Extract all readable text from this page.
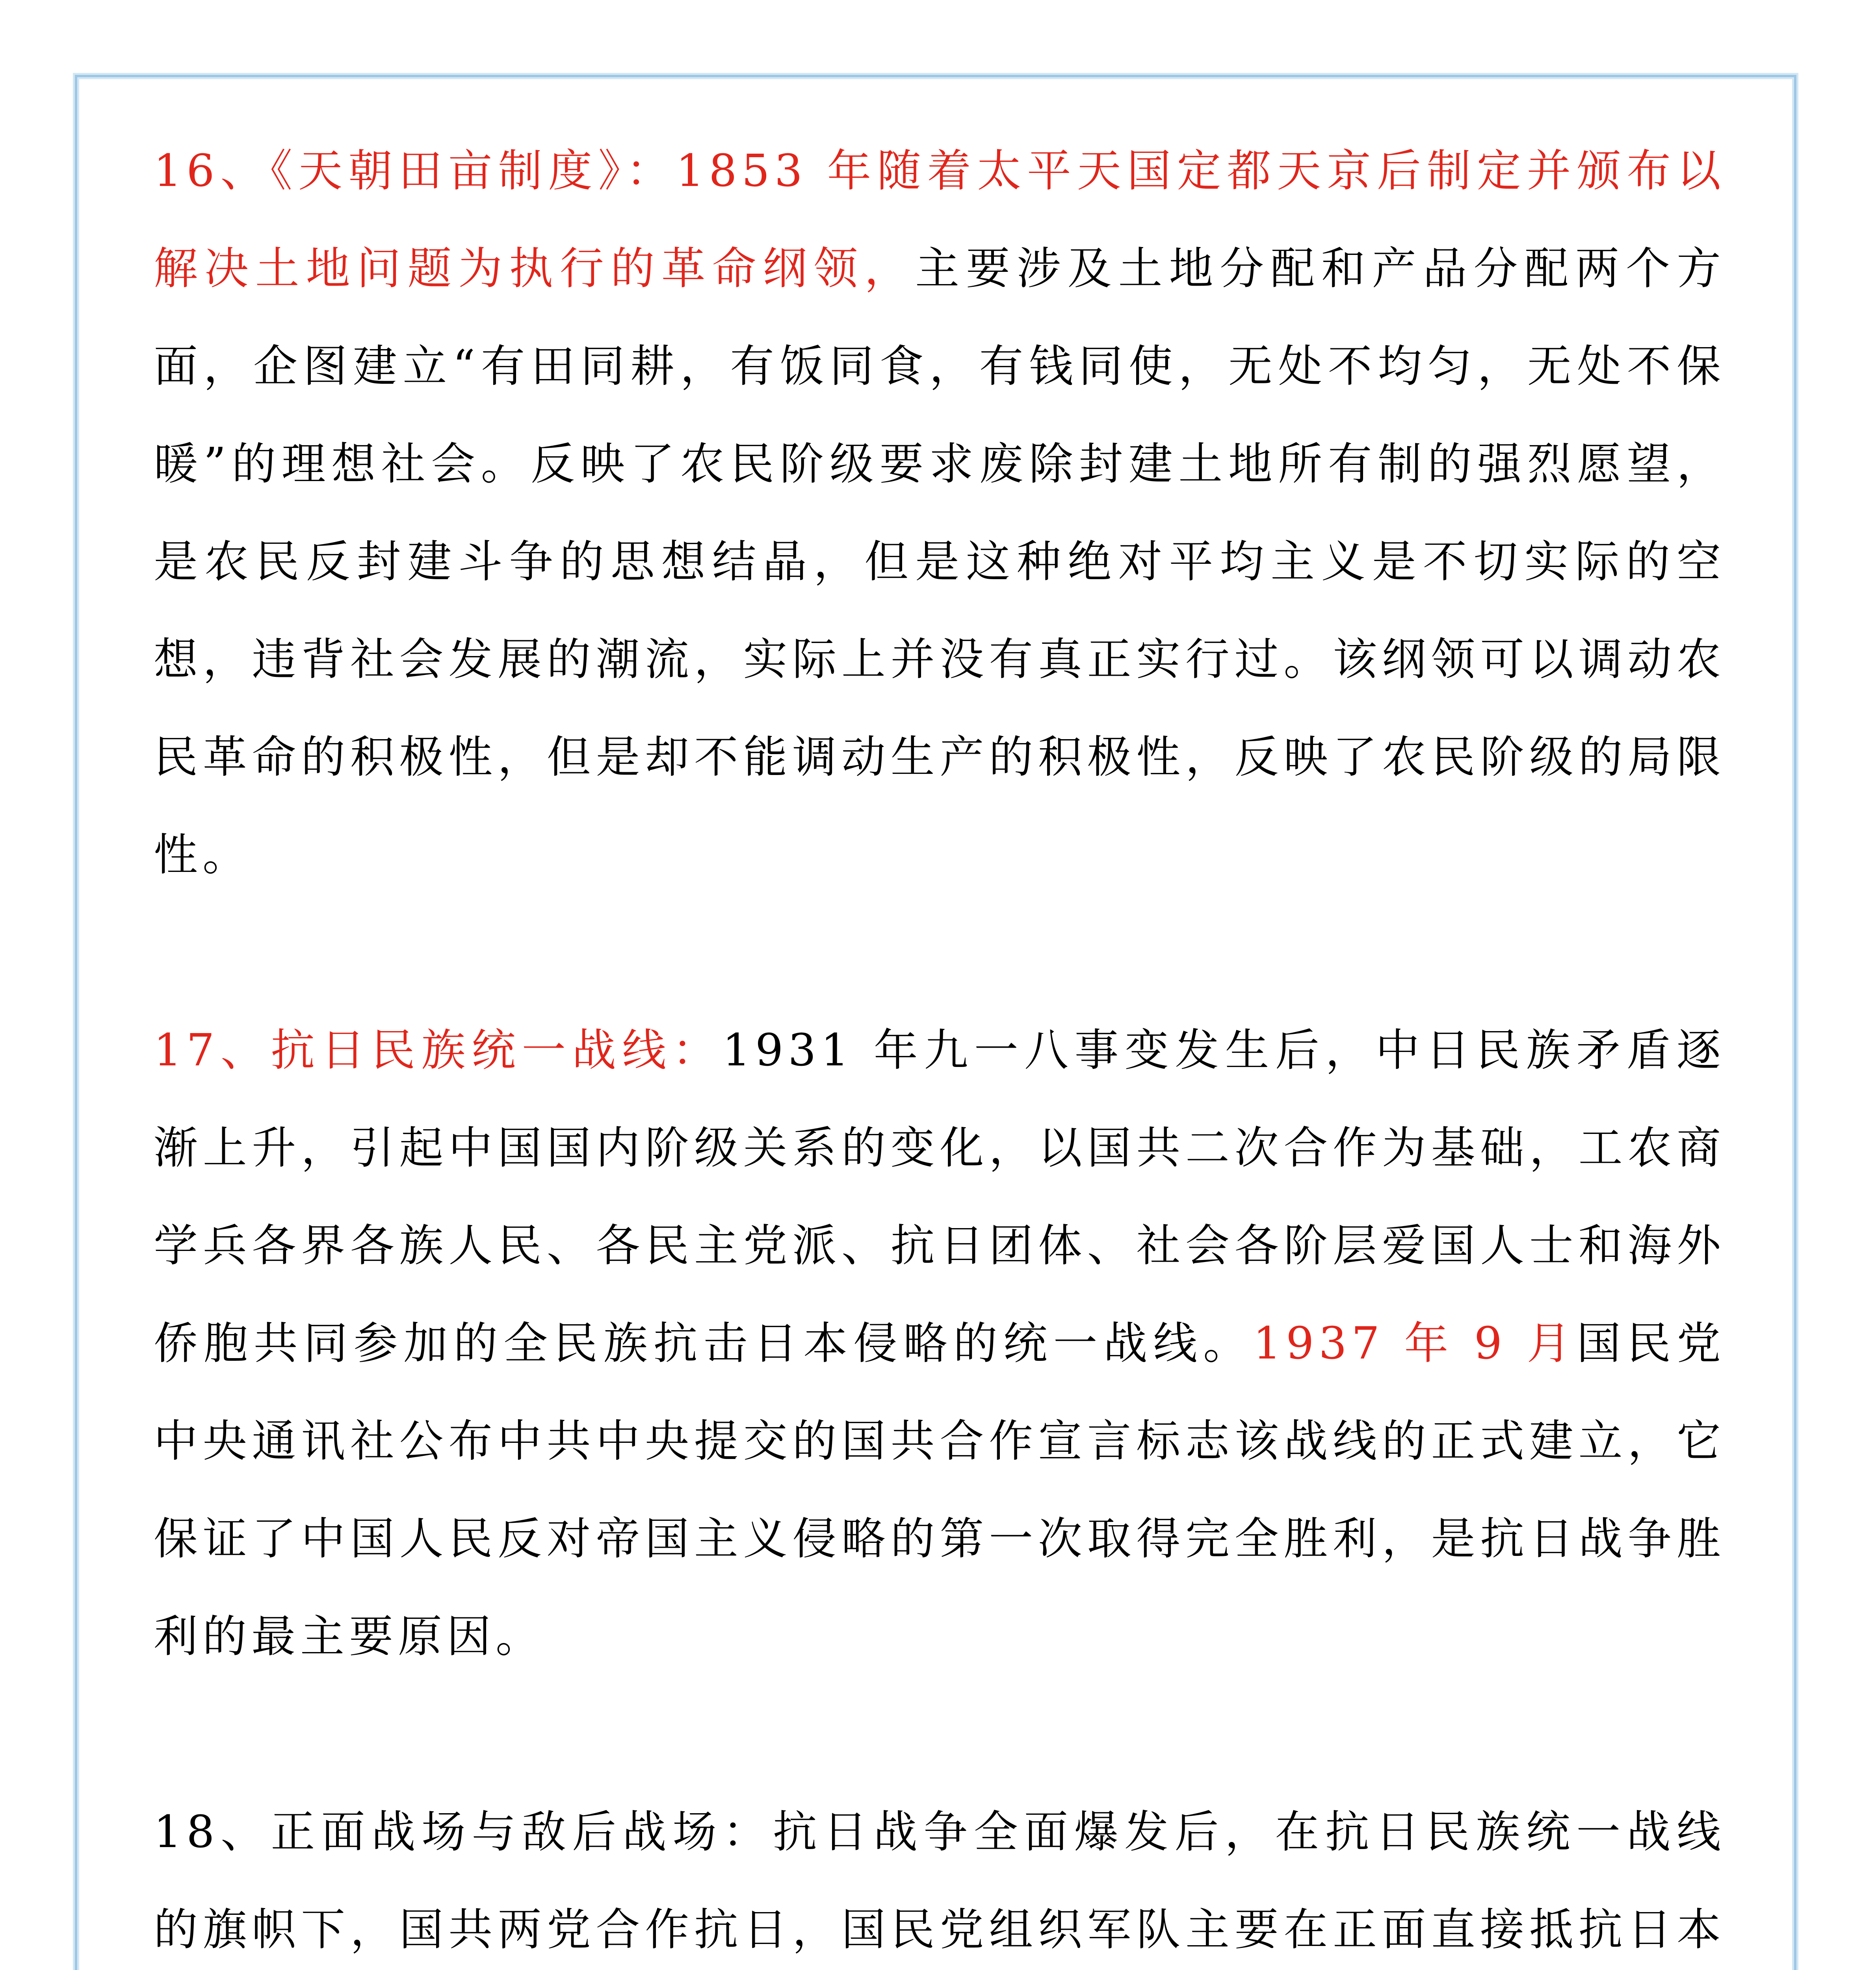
16、《天朝田亩制度》：1853 年随着太平天国定都天京后制定并颁布以解决土地问题为执行的革命纲领，主要涉及土地分配和产品分配两个方面，企图建立“有田同耕，有饭同食，有钱同使，无处不均匀，无处不保暖”的理想社会。反映了农民阶级要求废除封建土地所有制的强烈愿望，是农民反封建斗争的思想结晶，但是这种绝对平均主义是不切实际的空想，违背社会发展的潮流，实际上并没有真正实行过。该纲领可以调动农民革命的积极性，但是却不能调动生产的积极性，反映了农民阶级的局限性。

17、抗日民族统一战线：1931 年九一八事变发生后，中日民族矛盾逐渐上升，引起中国国内阶级关系的变化，以国共二次合作为基础，工农商学兵各界各族人民、各民主党派、抗日团体、社会各阶层爱国人士和海外侨胞共同参加的全民族抗击日本侵略的统一战线。1937 年 9 月国民党中央通讯社公布中共中央提交的国共合作宣言标志该战线的正式建立，它保证了中国人民反对帝国主义侵略的第一次取得完全胜利，是抗日战争胜利的最主要原因。

18、正面战场与敌后战场：抗日战争全面爆发后，在抗日民族统一战线的旗帜下，国共两党合作抗日，国民党组织军队主要在正面直接抵抗日本
